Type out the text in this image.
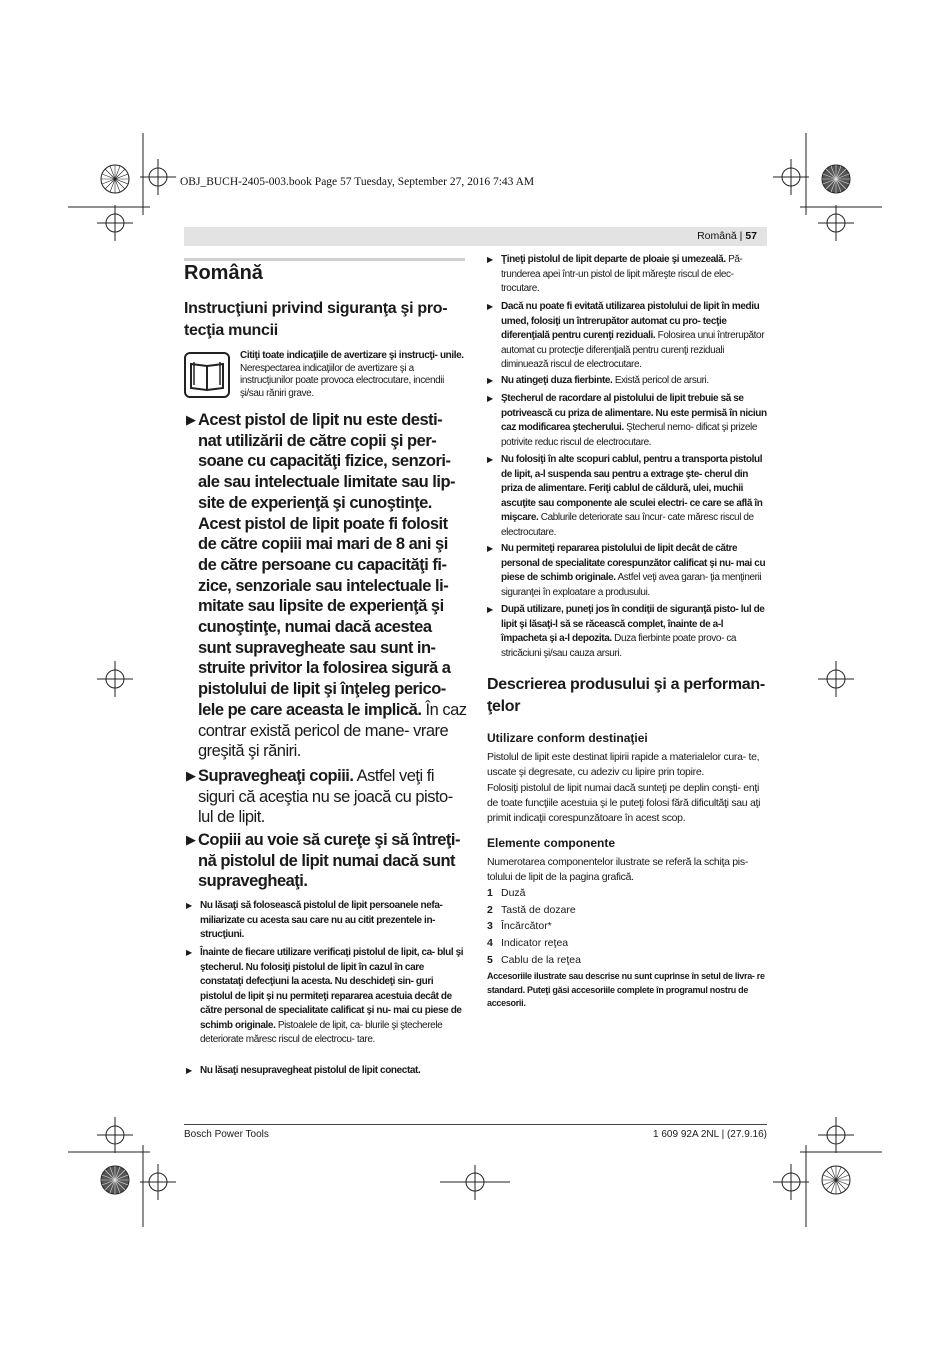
OBJ_BUCH-2405-003.book Page 57 Tuesday, September 27, 2016 7:43 AM
Română | 57
Română
Instrucţiuni privind siguranţa şi pro-
tecţia muncii
Citiţi toate indicaţiile de avertizare şi instrucţi- unile. Nerespectarea indicaţiilor de avertizare şi a instrucţiunilor poate provoca electrocutare, incendii şi/sau răniri grave.
▶ Acest pistol de lipit nu este desti- nat utilizării de către copii şi per- soane cu capacităţi fizice, senzori- ale sau intelectuale limitate sau lip- site de experienţă şi cunoştinţe. Acest pistol de lipit poate fi folosit de către copiii mai mari de 8 ani şi de către persoane cu capacităţi fi- zice, senzoriale sau intelectuale li- mitate sau lipsite de experienţă şi cunoştinţe, numai dacă acestea sunt supravegheate sau sunt in- struite privitor la folosirea sigură a pistolului de lipit şi înţeleg perico- lele pe care aceasta le implică. În caz contrar există pericol de mane- vrare greşită şi răniri.
▶ Supravegheaţi copiii. Astfel veţi fi siguri că aceştia nu se joacă cu pisto- lul de lipit.
▶ Copiii au voie să cureţe şi să întreţi- nă pistolul de lipit numai dacă sunt supravegheaţi.
▶ Nu lăsaţi să folosească pistolul de lipit persoanele nefa- miliarizate cu acesta sau care nu au citit prezentele in- strucţiuni.
▶ Înainte de fiecare utilizare verificaţi pistolul de lipit, ca- blul şi ştecherul. Nu folosiţi pistolul de lipit în cazul în care constataţi defecţiuni la acesta. Nu deschideţi sin- guri pistolul de lipit şi nu permiteţi repararea acestuia decât de către personal de specialitate calificat şi nu- mai cu piese de schimb originale. Pistoalele de lipit, ca- blurile şi ştecherele deteriorate măresc riscul de electrocu- tare.
▶ Nu lăsaţi nesupravegheat pistolul de lipit conectat.
▶ Ţineţi pistolul de lipit departe de ploaie şi umezeală. Pă- trunderea apei într-un pistol de lipit măreşte riscul de elec- trocutare.
▶ Dacă nu poate fi evitată utilizarea pistolului de lipit în mediu umed, folosiţi un întrerupător automat cu pro- tecţie diferenţială pentru curenţi reziduali. Folosirea unui întrerupător automat cu protecţie diferenţială pentru curenţi reziduali diminuează riscul de electrocutare.
▶ Nu atingeţi duza fierbinte. Există pericol de arsuri.
▶ Ştecherul de racordare al pistolului de lipit trebuie să se potrivească cu priza de alimentare. Nu este permisă în niciun caz modificarea ştecherului. Ştecherul nemo- dificat şi prizele potrivite reduc riscul de electrocutare.
▶ Nu folosiţi în alte scopuri cablul, pentru a transporta pistolul de lipit, a-l suspenda sau pentru a extrage şte- cherul din priza de alimentare. Feriţi cablul de căldură, ulei, muchii ascuţite sau componente ale sculei electri- ce care se află în mişcare. Cablurile deteriorate sau încur- cate măresc riscul de electrocutare.
▶ Nu permiteţi repararea pistolului de lipit decât de către personal de specialitate corespunzător calificat şi nu- mai cu piese de schimb originale. Astfel veţi avea garan- ţia menţinerii siguranţei în exploatare a produsului.
▶ După utilizare, puneţi jos în condiţii de siguranţă pisto- lul de lipit şi lăsaţi-l să se răcească complet, înainte de a-l împacheta şi a-l depozita. Duza fierbinte poate provo- ca stricăciuni şi/sau cauza arsuri.
Descrierea produsului şi a performan-
ţelor
Utilizare conform destinaţiei
Pistolul de lipit este destinat lipirii rapide a materialelor cura- te, uscate şi degresate, cu adeziv cu lipire prin topire.
Folosiţi pistolul de lipit numai dacă sunteţi pe deplin conşti- enţi de toate funcţiile acestuia şi le puteţi folosi fără dificultăţi sau aţi primit indicaţii corespunzătoare în acest scop.
Elemente componente
Numerotarea componentelor ilustrate se referă la schiţa pis- tolului de lipit de la pagina grafică.
1 Duză
2 Tastă de dozare
3 Încărcător*
4 Indicator reţea
5 Cablu de la reţea
Accesoriile ilustrate sau descrise nu sunt cuprinse în setul de livra- re standard. Puteţi găsi accesoriile complete în programul nostru de accesorii.
Bosch Power Tools	1 609 92A 2NL | (27.9.16)
